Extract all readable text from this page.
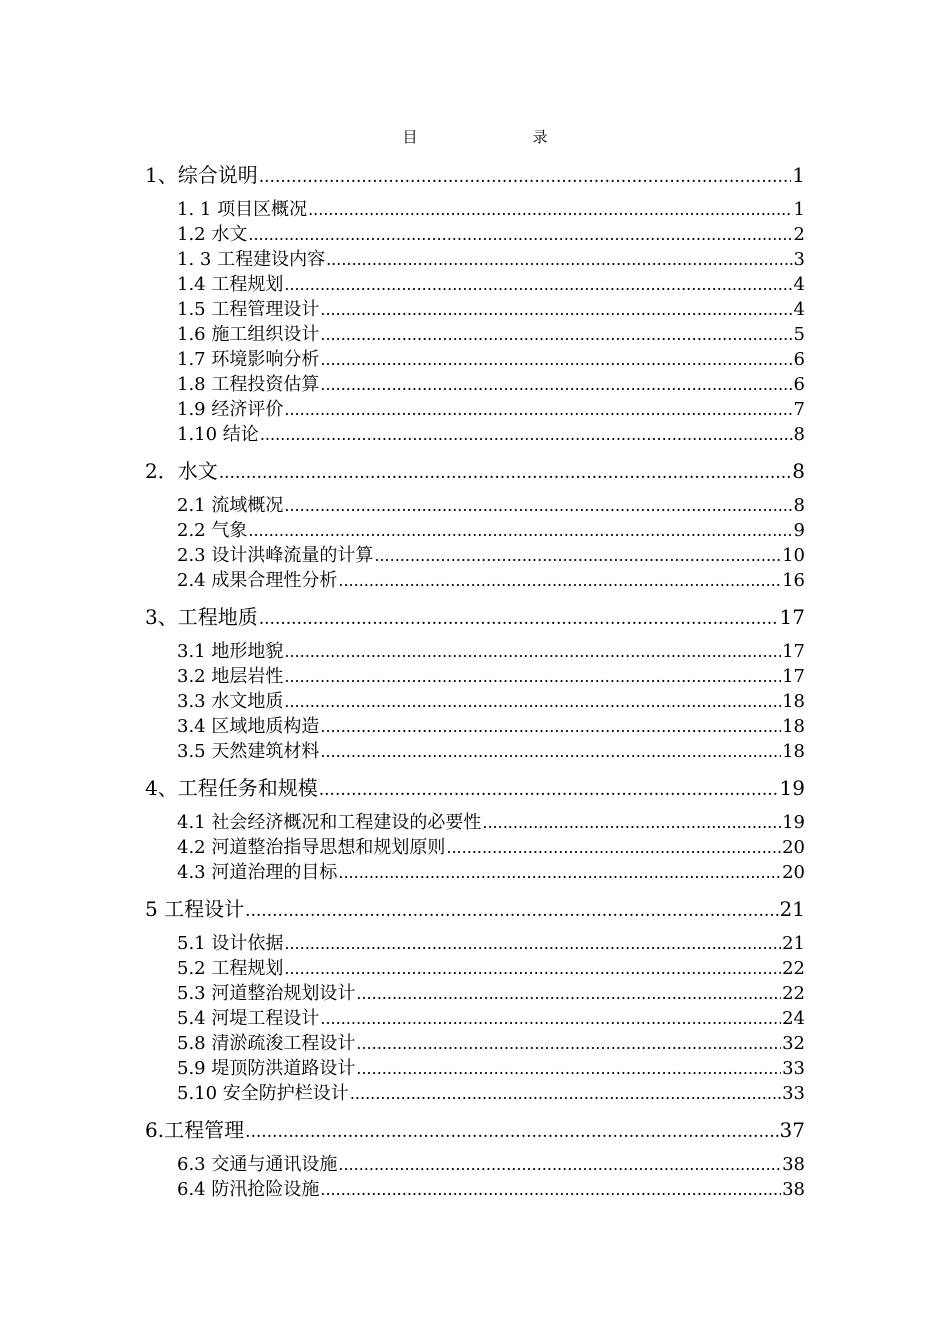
目　录
1、综合说明 .....	1
1. 1 项目区概况 .....	1
1.2 水文 .....	2
1. 3 工程建设内容 .....	3
1.4 工程规划 .....	4
1.5 工程管理设计 .....	4
1.6 施工组织设计 .....	5
1.7 环境影响分析 .....	6
1.8 工程投资估算 .....	6
1.9 经济评价 .....	7
1.10 结论 .....	8
2．水文 .....	8
2.1 流域概况 .....	8
2.2 气象 .....	9
2.3 设计洪峰流量的计算 .....	10
2.4 成果合理性分析 .....	16
3、工程地质 .....	17
3.1 地形地貌 .....	17
3.2 地层岩性 .....	17
3.3 水文地质 .....	18
3.4 区域地质构造 .....	18
3.5 天然建筑材料 .....	18
4、工程任务和规模 .....	19
4.1 社会经济概况和工程建设的必要性 .....	19
4.2 河道整治指导思想和规划原则 .....	20
4.3 河道治理的目标 .....	20
5 工程设计 .....	21
5.1 设计依据 .....	21
5.2 工程规划 .....	22
5.3 河道整治规划设计 .....	22
5.4 河堤工程设计 .....	24
5.8 清淤疏浚工程设计 .....	32
5.9 堤顶防洪道路设计 .....	33
5.10 安全防护栏设计 .....	33
6.工程管理 .....	37
6.3 交通与通讯设施 .....	38
6.4 防汛抢险设施 .....	38
